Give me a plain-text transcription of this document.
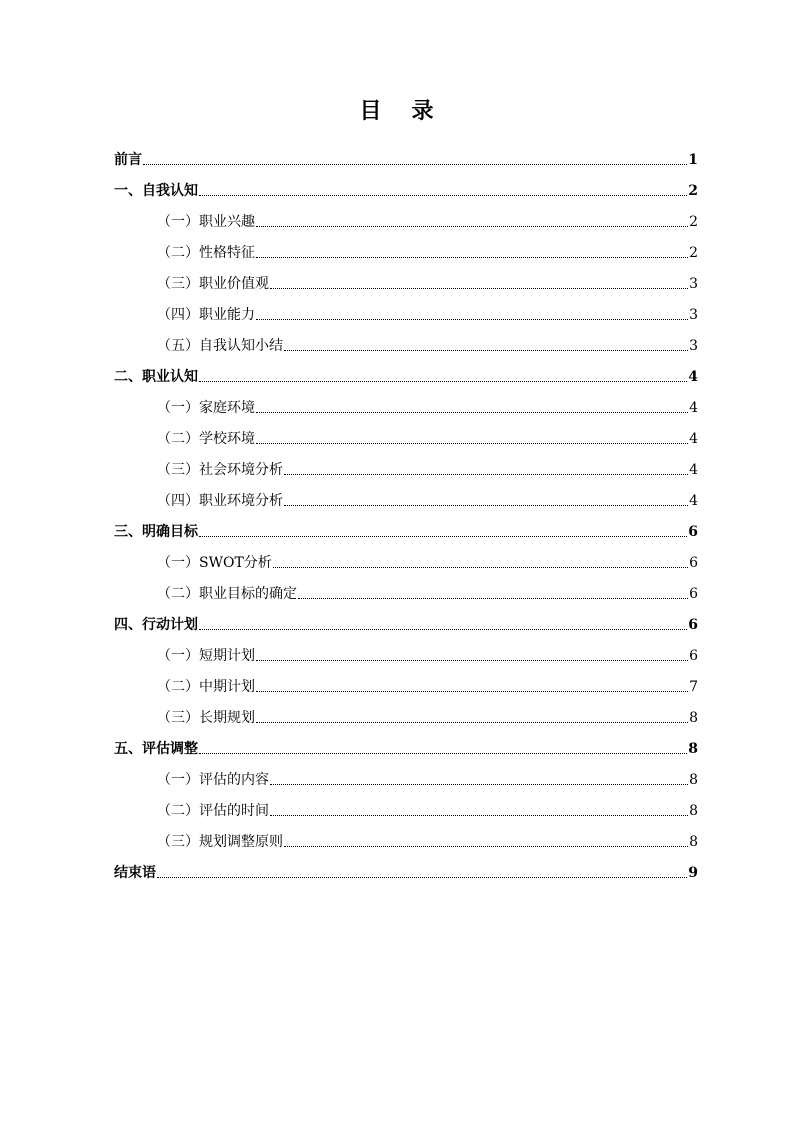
目 录
前言	1
一、自我认知	2
（一）职业兴趣	2
（二）性格特征	2
（三）职业价值观	3
（四）职业能力	3
（五）自我认知小结	3
二、职业认知	4
（一）家庭环境	4
（二）学校环境	4
（三）社会环境分析	4
（四）职业环境分析	4
三、明确目标	6
（一）SWOT分析	6
（二）职业目标的确定	6
四、行动计划	6
（一）短期计划	6
（二）中期计划	7
（三）长期规划	8
五、评估调整	8
（一）评估的内容	8
（二）评估的时间	8
（三）规划调整原则	8
结束语	9
